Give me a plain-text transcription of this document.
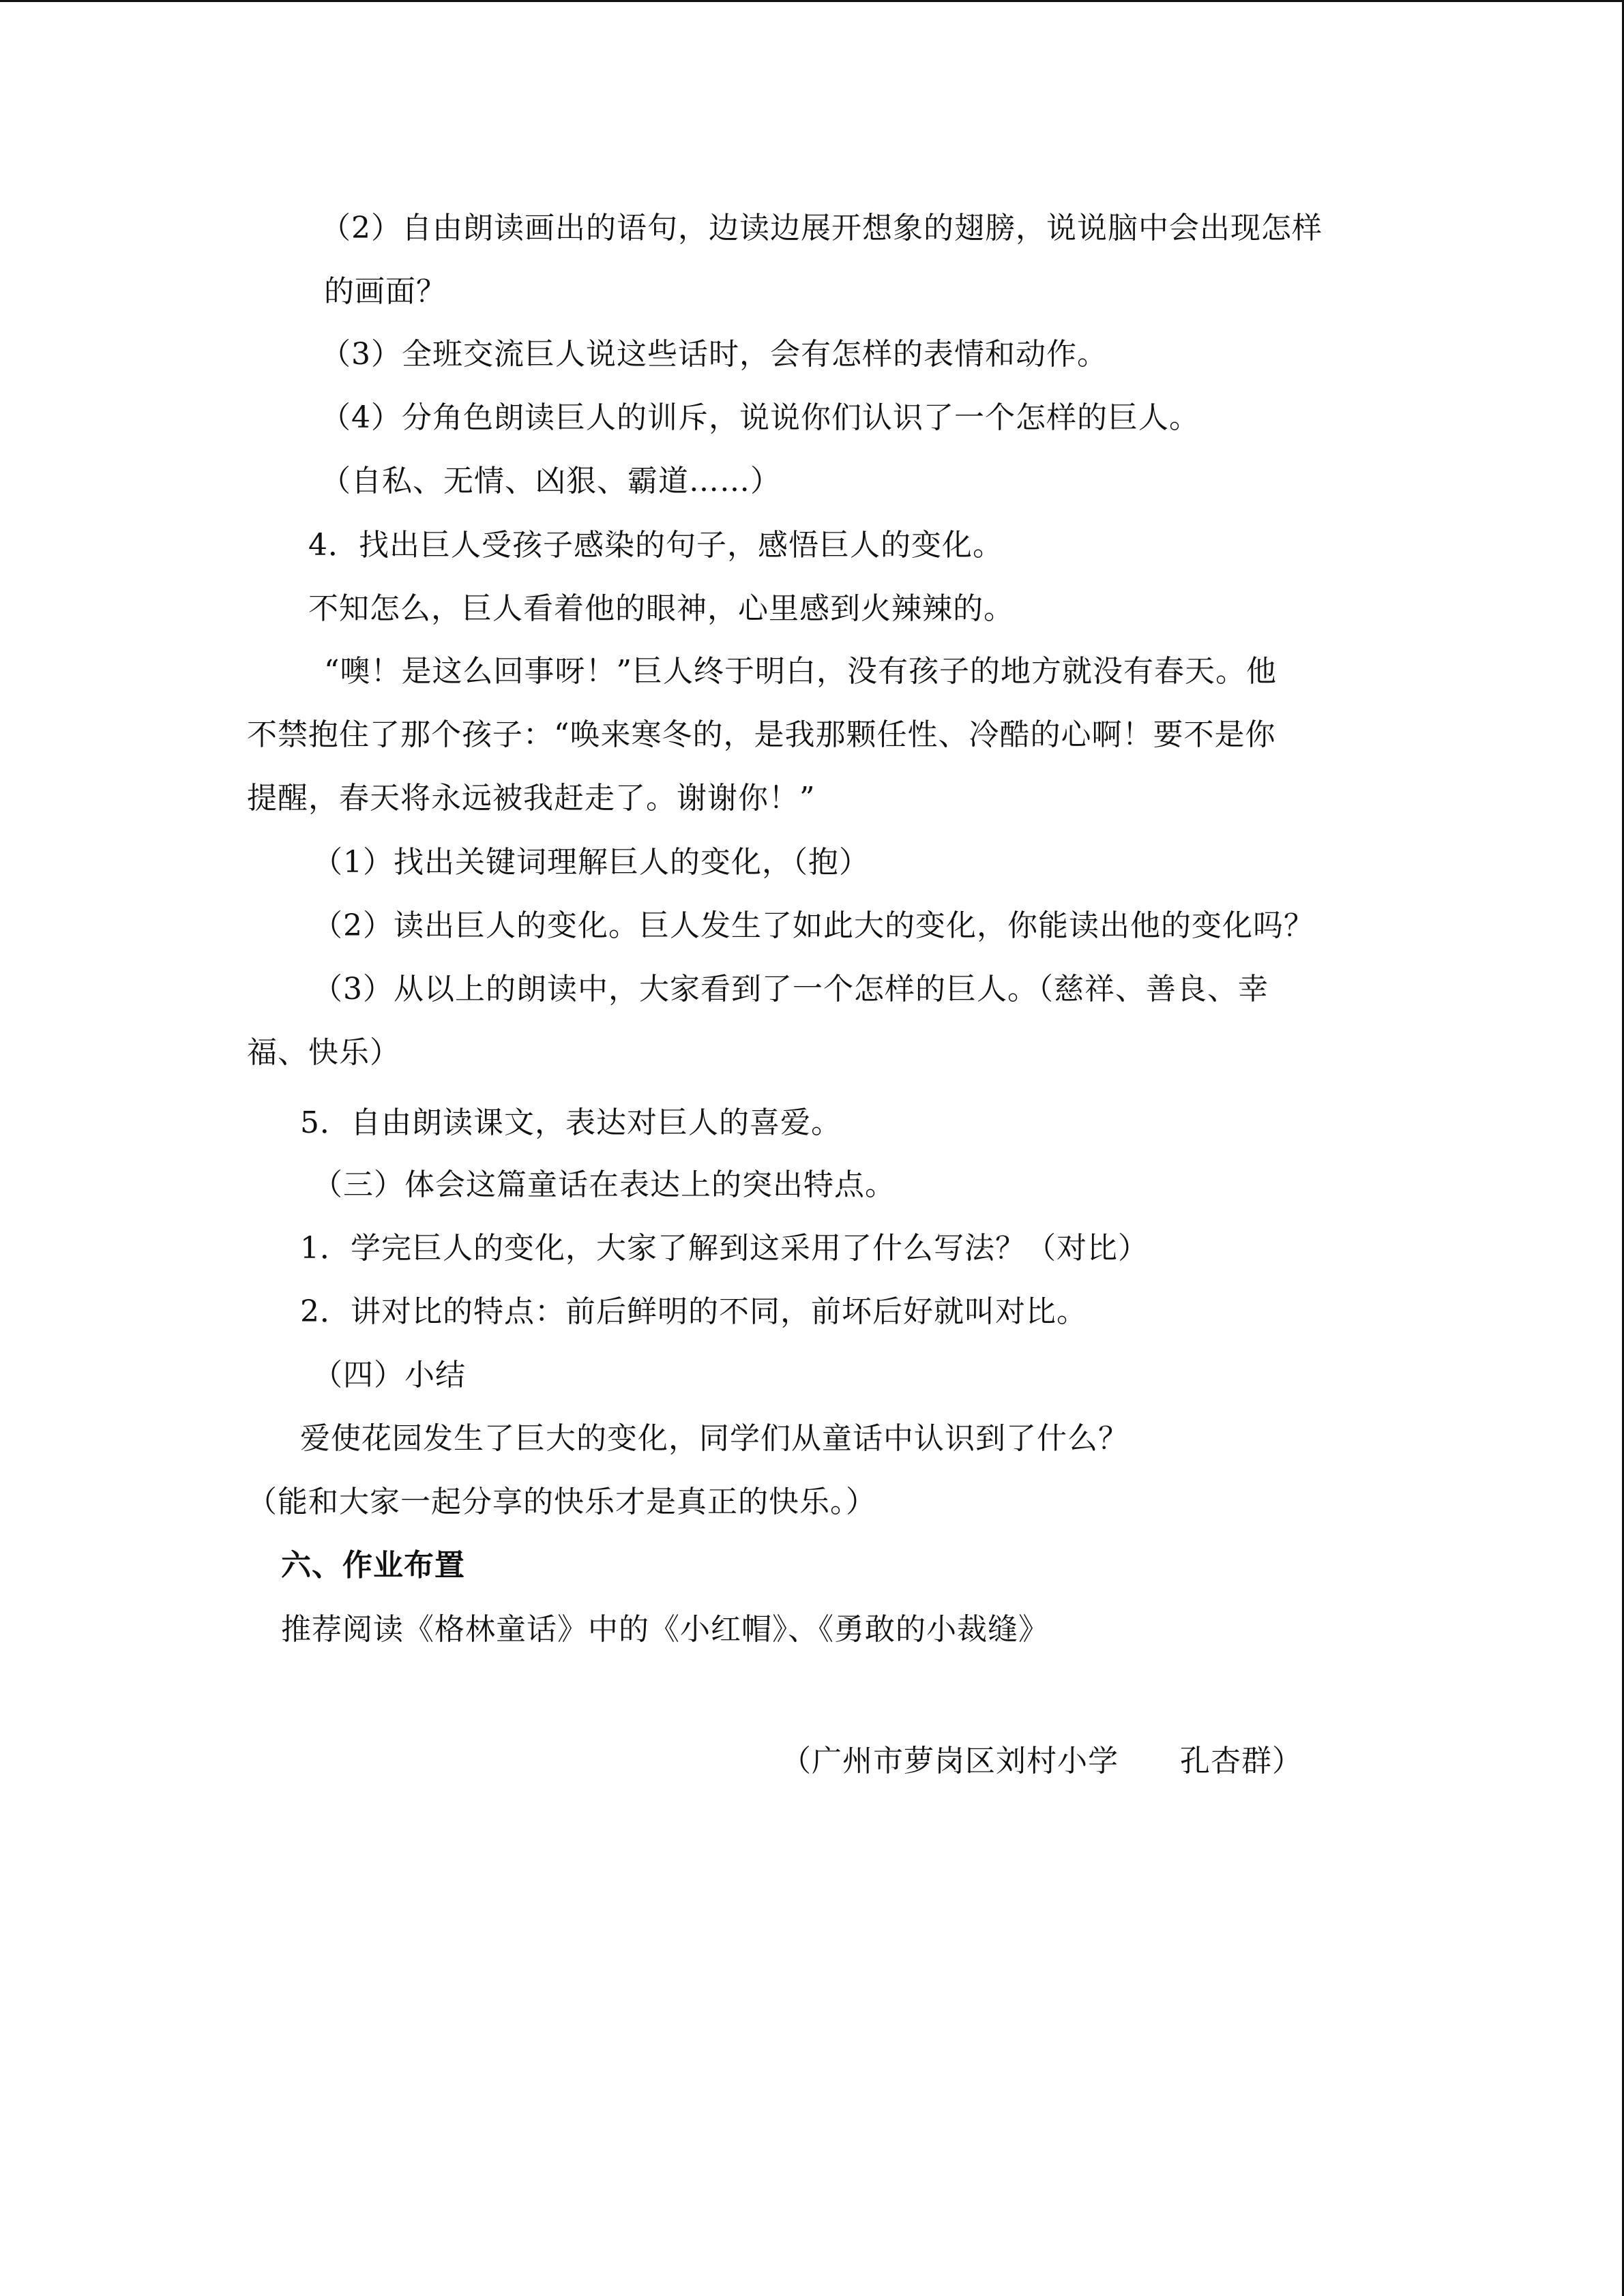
（2）自由朗读画出的语句，边读边展开想象的翅膀，说说脑中会出现怎样
的画面？
（3）全班交流巨人说这些话时，会有怎样的表情和动作。
（4）分角色朗读巨人的训斥，说说你们认识了一个怎样的巨人。
（自私、无情、凶狠、霸道……）
4．找出巨人受孩子感染的句子，感悟巨人的变化。
不知怎么，巨人看着他的眼神，心里感到火辣辣的。
“噢！是这么回事呀！”巨人终于明白，没有孩子的地方就没有春天。他
不禁抱住了那个孩子：“唤来寒冬的，是我那颗任性、冷酷的心啊！要不是你
提醒，春天将永远被我赶走了。谢谢你！”
（1）找出关键词理解巨人的变化，（抱）
（2）读出巨人的变化。巨人发生了如此大的变化，你能读出他的变化吗？
（3）从以上的朗读中，大家看到了一个怎样的巨人。（慈祥、善良、幸
福、快乐）
5．自由朗读课文，表达对巨人的喜爱。
（三）体会这篇童话在表达上的突出特点。
1．学完巨人的变化，大家了解到这采用了什么写法？（对比）
2．讲对比的特点：前后鲜明的不同，前坏后好就叫对比。
（四）小结
爱使花园发生了巨大的变化，同学们从童话中认识到了什么？
（能和大家一起分享的快乐才是真正的快乐。）
六、作业布置
推荐阅读《格林童话》中的《小红帽》、《勇敢的小裁缝》
（广州市萝岗区刘村小学　　孔杏群）
